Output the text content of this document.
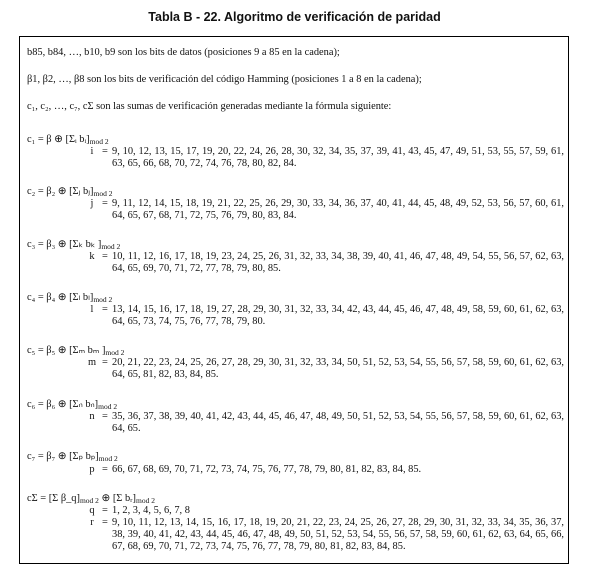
Tabla B - 22. Algoritmo de verificación de paridad
b85, b84, …, b10, b9 son los bits de datos (posiciones 9 a 85 en la cadena);
β1, β2, …, β8 son los bits de verificación del código Hamming (posiciones 1 a 8 en la cadena);
c₁, c₂, …, c₇, cΣ son las sumas de verificación generadas mediante la fórmula siguiente:
c₁ = β ⊕ [Σᵢ $bᵢ]_{mod 2}$
i = 9, 10, 12, 13, 15, 17, 19, 20, 22, 24, 26, 28, 30, 32, 34, 35, 37, 39, 41, 43, 45, 47, 49, 51, 53, 55, 57, 59, 61, 63, 65, 66, 68, 70, 72, 74, 76, 78, 80, 82, 84.
c₂ = β₂ ⊕ [Σⱼ $bⱼ]_{mod 2}$
j = 9, 11, 12, 14, 15, 18, 19, 21, 22, 25, 26, 29, 30, 33, 34, 36, 37, 40, 41, 44, 45, 48, 49, 52, 53, 56, 57, 60, 61, 64, 65, 67, 68, 71, 72, 75, 76, 79, 80, 83, 84.
c₃ = β₃ ⊕ [Σₖ bₖ ]$_{mod 2}$
k = 10, 11, 12, 16, 17, 18, 19, 23, 24, 25, 26, 31, 32, 33, 34, 38, 39, 40, 41, 46, 47, 48, 49, 54, 55, 56, 57, 62, 63, 64, 65, 69, 70, 71, 72, 77, 78, 79, 80, 85.
c₄ = β₄ ⊕ [Σₗ $b_l]_{mod 2}$
l = 13, 14, 15, 16, 17, 18, 19, 27, 28, 29, 30, 31, 32, 33, 34, 42, 43, 44, 45, 46, 47, 48, 49, 58, 59, 60, 61, 62, 63, 64, 65, 73, 74, 75, 76, 77, 78, 79, 80.
c₅ = β₅ ⊕ [Σₘ bₘ ]$_{mod 2}$
m = 20, 21, 22, 23, 24, 25, 26, 27, 28, 29, 30, 31, 32, 33, 34, 50, 51, 52, 53, 54, 55, 56, 57, 58, 59, 60, 61, 62, 63, 64, 65, 81, 82, 83, 84, 85.
c₆ = β₆ ⊕ [Σₙ $b_n]_{mod 2}$
n = 35, 36, 37, 38, 39, 40, 41, 42, 43, 44, 45, 46, 47, 48, 49, 50, 51, 52, 53, 54, 55, 56, 57, 58, 59, 60, 61, 62, 63, 64, 65.
c₇ = β₇ ⊕ [Σₚ $b_p]_{mod 2}$
p = 66, 67, 68, 69, 70, 71, 72, 73, 74, 75, 76, 77, 78, 79, 80, 81, 82, 83, 84, 85.
cΣ = [Σ $\beta\_q]_{mod 2}$ ⊕ [Σ $bᵣ]_{mod 2}$
q = 1, 2, 3, 4, 5, 6, 7, 8
r = 9, 10, 11, 12, 13, 14, 15, 16, 17, 18, 19, 20, 21, 22, 23, 24, 25, 26, 27, 28, 29, 30, 31, 32, 33, 34, 35, 36, 37, 38, 39, 40, 41, 42, 43, 44, 45, 46, 47, 48, 49, 50, 51, 52, 53, 54, 55, 56, 57, 58, 59, 60, 61, 62, 63, 64, 65, 66, 67, 68, 69, 70, 71, 72, 73, 74, 75, 76, 77, 78, 79, 80, 81, 82, 83, 84, 85.
